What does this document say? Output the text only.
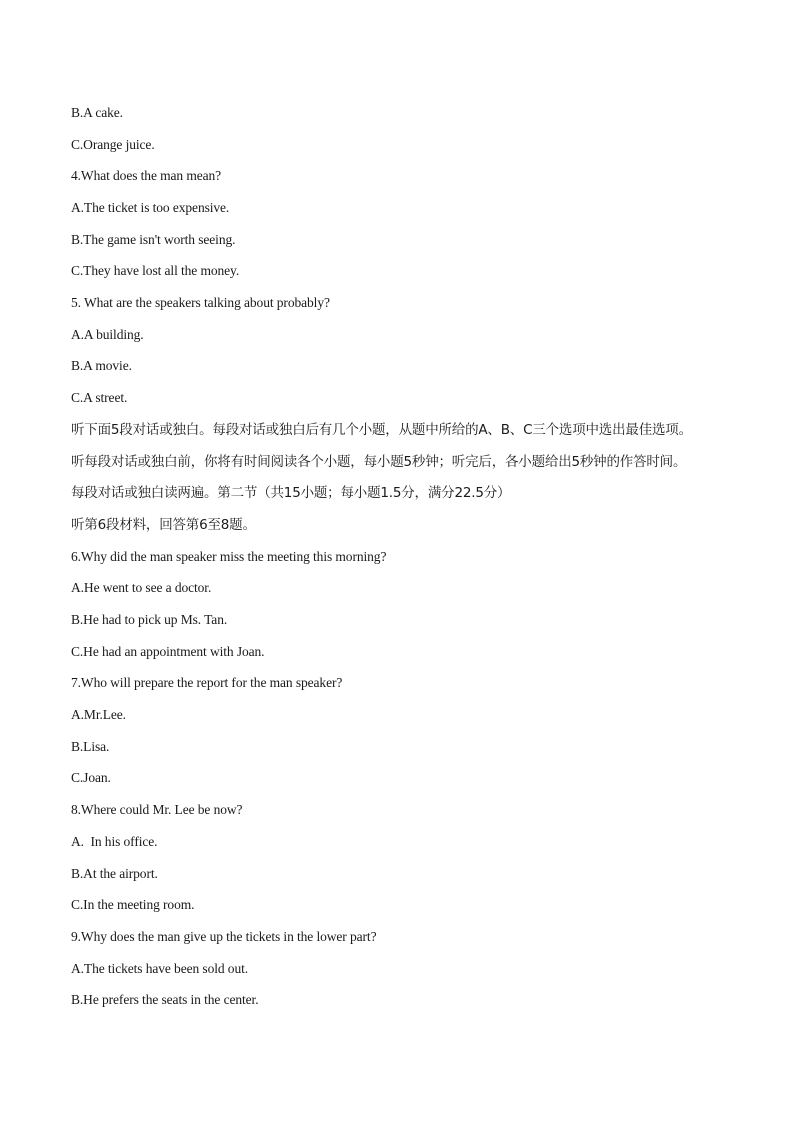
B.A cake.
C.Orange juice.
4.What does the man mean?
A.The ticket is too expensive.
B.The game isn't worth seeing.
C.They have lost all the money.
5. What are the speakers talking about probably?
A.A building.
B.A movie.
C.A street.
听下面5段对话或独白。每段对话或独白后有几个小题，从题中所给的A、B、C三个选项中选出最佳选项。
听每段对话或独白前，你将有时间阅读各个小题，每小题5秒钟；听完后，各小题给出5秒钟的作答时间。
每段对话或独白读两遍。第二节（共15小题；每小题1.5分，满分22.5分）
听第6段材料，回答第6至8题。
6.Why did the man speaker miss the meeting this morning?
A.He went to see a doctor.
B.He had to pick up Ms. Tan.
C.He had an appointment with Joan.
7.Who will prepare the report for the man speaker?
A.Mr.Lee.
B.Lisa.
C.Joan.
8.Where could Mr. Lee be now?
A.  In his office.
B.At the airport.
C.In the meeting room.
9.Why does the man give up the tickets in the lower part?
A.The tickets have been sold out.
B.He prefers the seats in the center.
